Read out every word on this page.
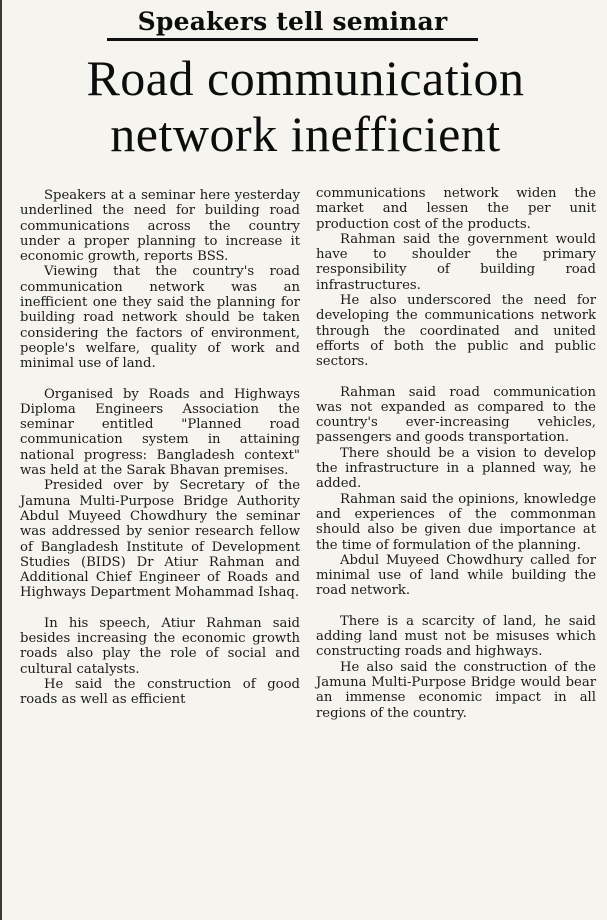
Speakers tell seminar
Road communication network inefficient

Speakers at a seminar here yesterday underlined the need for building road communications across the country under a proper planning to increase it economic growth, reports BSS.

Viewing that the country's road communication network was an inefficient one they said the planning for building road network should be taken considering the factors of environment, people's welfare, quality of work and minimal use of land.

Organised by Roads and Highways Diploma Engineers Association the seminar entitled "Planned road communication system in attaining national progress: Bangladesh context" was held at the Sarak Bhavan premises.

Presided over by Secretary of the Jamuna Multi-Purpose Bridge Authority Abdul Muyeed Chowdhury the seminar was addressed by senior research fellow of Bangladesh Institute of Development Studies (BIDS) Dr Atiur Rahman and Additional Chief Engineer of Roads and Highways Department Mohammad Ishaq.

In his speech, Atiur Rahman said besides increasing the economic growth roads also play the role of social and cultural catalysts.

He said the construction of good roads as well as efficient

communications network widen the market and lessen the per unit production cost of the products.

Rahman said the government would have to shoulder the primary responsibility of building road infrastructures.

He also underscored the need for developing the communications network through the coordinated and united efforts of both the public and public sectors.

Rahman said road communication was not expanded as compared to the country's ever-increasing vehicles, passengers and goods transportation.

There should be a vision to develop the infrastructure in a planned way, he added.

Rahman said the opinions, knowledge and experiences of the commonman should also be given due importance at the time of formulation of the planning.

Abdul Muyeed Chowdhury called for minimal use of land while building the road network.

There is a scarcity of land, he said adding land must not be misuses which constructing roads and highways.

He also said the construction of the Jamuna Multi-Purpose Bridge would bear an immense economic impact in all regions of the country.
